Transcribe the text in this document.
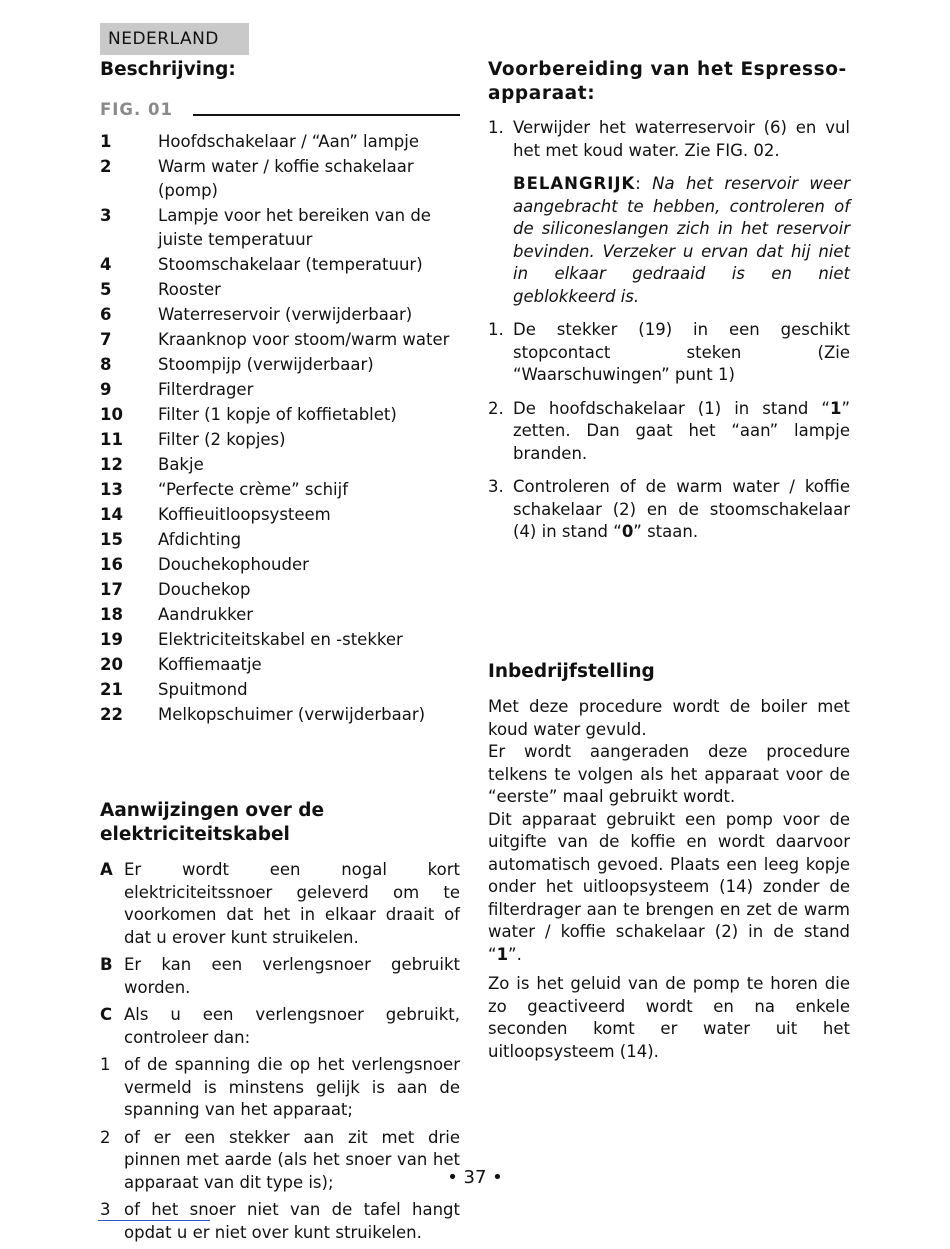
NEDERLAND
Beschrijving:
FIG. 01
1	Hoofdschakelaar / “Aan” lampje
2	Warm water / koffie schakelaar (pomp)
3	Lampje voor het bereiken van de juiste temperatuur
4	Stoomschakelaar (temperatuur)
5	Rooster
6	Waterreservoir (verwijderbaar)
7	Kraanknop voor stoom/warm water
8	Stoompijp (verwijderbaar)
9	Filterdrager
10 Filter (1 kopje of koffietablet)
11 Filter (2 kopjes)
12 Bakje
13 “Perfecte crème” schijf
14 Koffieuitloopsysteem
15 Afdichting
16 Douchekophouder
17 Douchekop
18 Aandrukker
19 Elektriciteitskabel en -stekker
20 Koffiemaatje
21 Spuitmond
22 Melkopschuimer (verwijderbaar)
Aanwijzingen over de
elektriciteitskabel
A Er wordt een nogal kort elektriciteitssnoer geleverd om te voorkomen dat het in elkaar draait of dat u erover kunt struikelen.
B Er kan een verlengsnoer gebruikt worden.
C Als u een verlengsnoer gebruikt, controleer dan:
1 of de spanning die op het verlengsnoer vermeld is minstens gelijk is aan de spanning van het apparaat;
2 of er een stekker aan zit met drie pinnen met aarde (als het snoer van het apparaat van dit type is);
3 of het snoer niet van de tafel hangt opdat u er niet over kunt struikelen.
Voorbereiding van het Espresso-
apparaat:
1. Verwijder het waterreservoir (6) en vul het met koud water. Zie FIG. 02.

BELANGRIJK: Na het reservoir weer aangebracht te hebben, controleren of de siliconeslangen zich in het reservoir bevinden. Verzeker u ervan dat hij niet in elkaar gedraaid is en niet geblokkeerd is.

1. De stekker (19) in een geschikt stopcontact steken (Zie “Waarschuwingen” punt 1)
2. De hoofdschakelaar (1) in stand “1” zetten. Dan gaat het “aan” lampje branden.
3. Controleren of de warm water / koffie schakelaar (2) en de stoomschakelaar (4) in stand “0” staan.
Inbedrijfstelling

Met deze procedure wordt de boiler met koud water gevuld.

Er wordt aangeraden deze procedure telkens te volgen als het apparaat voor de “eerste” maal gebruikt wordt.

Dit apparaat gebruikt een pomp voor de uitgifte van de koffie en wordt daarvoor automatisch gevoed. Plaats een leeg kopje onder het uitloopsysteem (14) zonder de filterdrager aan te brengen en zet de warm water / koffie schakelaar (2) in de stand “1”.

Zo is het geluid van de pomp te horen die zo geactiveerd wordt en na enkele seconden komt er water uit het uitloopsysteem (14).

• 37 •
